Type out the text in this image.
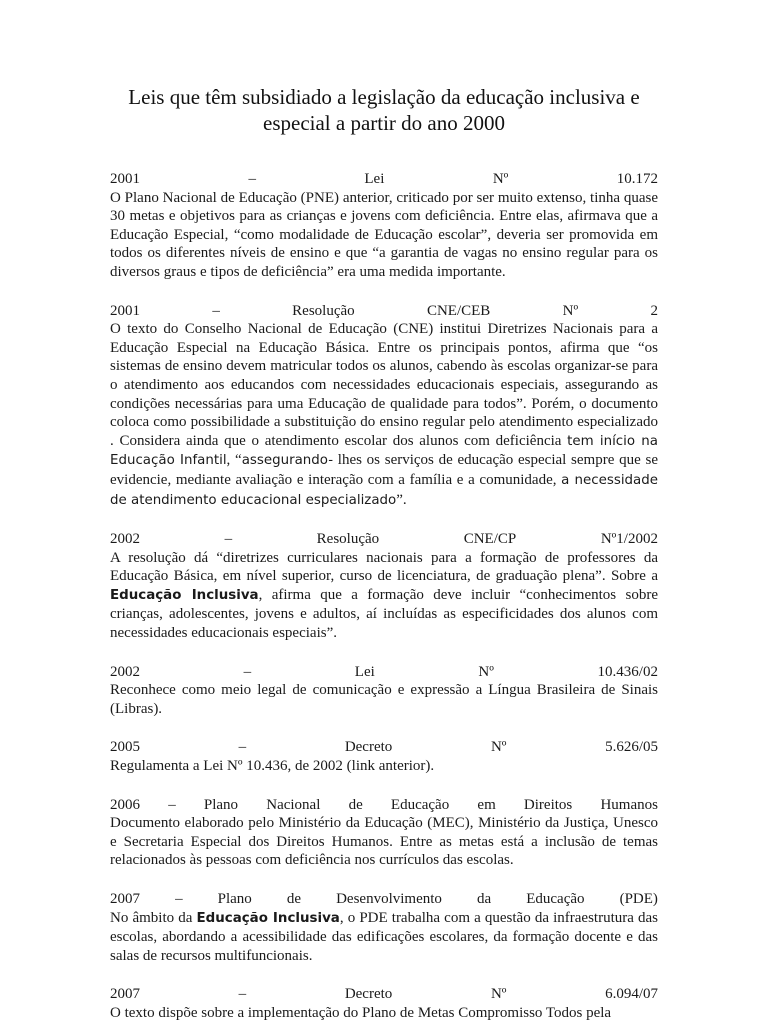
Leis que têm subsidiado a legislação da educação inclusiva e especial a partir do ano 2000
2001	–	Lei	Nº	10.172

O Plano Nacional de Educação (PNE) anterior, criticado por ser muito extenso, tinha quase 30 metas e objetivos para as crianças e jovens com deficiência. Entre elas, afirmava que a Educação Especial, “como modalidade de Educação escolar”, deveria ser promovida em todos os diferentes níveis de ensino e que “a garantia de vagas no ensino regular para os diversos graus e tipos de deficiência” era uma medida importante.

2001	–	Resolução	CNE/CEB	Nº	2

O texto do Conselho Nacional de Educação (CNE) institui Diretrizes Nacionais para a Educação Especial na Educação Básica. Entre os principais pontos, afirma que “os sistemas de ensino devem matricular todos os alunos, cabendo às escolas organizar-se para o atendimento aos educandos com necessidades educacionais especiais, assegurando as condições necessárias para uma Educação de qualidade para todos”. Porém, o documento coloca como possibilidade a substituição do ensino regular pelo atendimento especializado . Considera ainda que o atendimento escolar dos alunos com deficiência tem início na Educação Infantil, “assegurando- lhes os serviços de educação especial sempre que se evidencie, mediante avaliação e interação com a família e a comunidade, a necessidade de atendimento educacional especializado”.

2002	–	Resolução	CNE/CP	Nº1/2002

A resolução dá “diretrizes curriculares nacionais para a formação de professores da Educação Básica, em nível superior, curso de licenciatura, de graduação plena”. Sobre a Educação Inclusiva, afirma que a formação deve incluir “conhecimentos sobre crianças, adolescentes, jovens e adultos, aí incluídas as especificidades dos alunos com necessidades educacionais especiais”.

2002	–	Lei	Nº	10.436/02

Reconhece como meio legal de comunicação e expressão a Língua Brasileira de Sinais (Libras).

2005	–	Decreto	Nº	5.626/05

Regulamenta a Lei Nº 10.436, de 2002 (link anterior).

2006 – Plano Nacional de Educação em Direitos Humanos

Documento elaborado pelo Ministério da Educação (MEC), Ministério da Justiça, Unesco e Secretaria Especial dos Direitos Humanos. Entre as metas está a inclusão de temas relacionados às pessoas com deficiência nos currículos das escolas.

2007 – Plano de Desenvolvimento da Educação (PDE)

No âmbito da Educação Inclusiva, o PDE trabalha com a questão da infraestrutura das escolas, abordando a acessibilidade das edificações escolares, da formação docente e das salas de recursos multifuncionais.

2007	–	Decreto	Nº	6.094/07

O texto dispõe sobre a implementação do Plano de Metas Compromisso Todos pela
